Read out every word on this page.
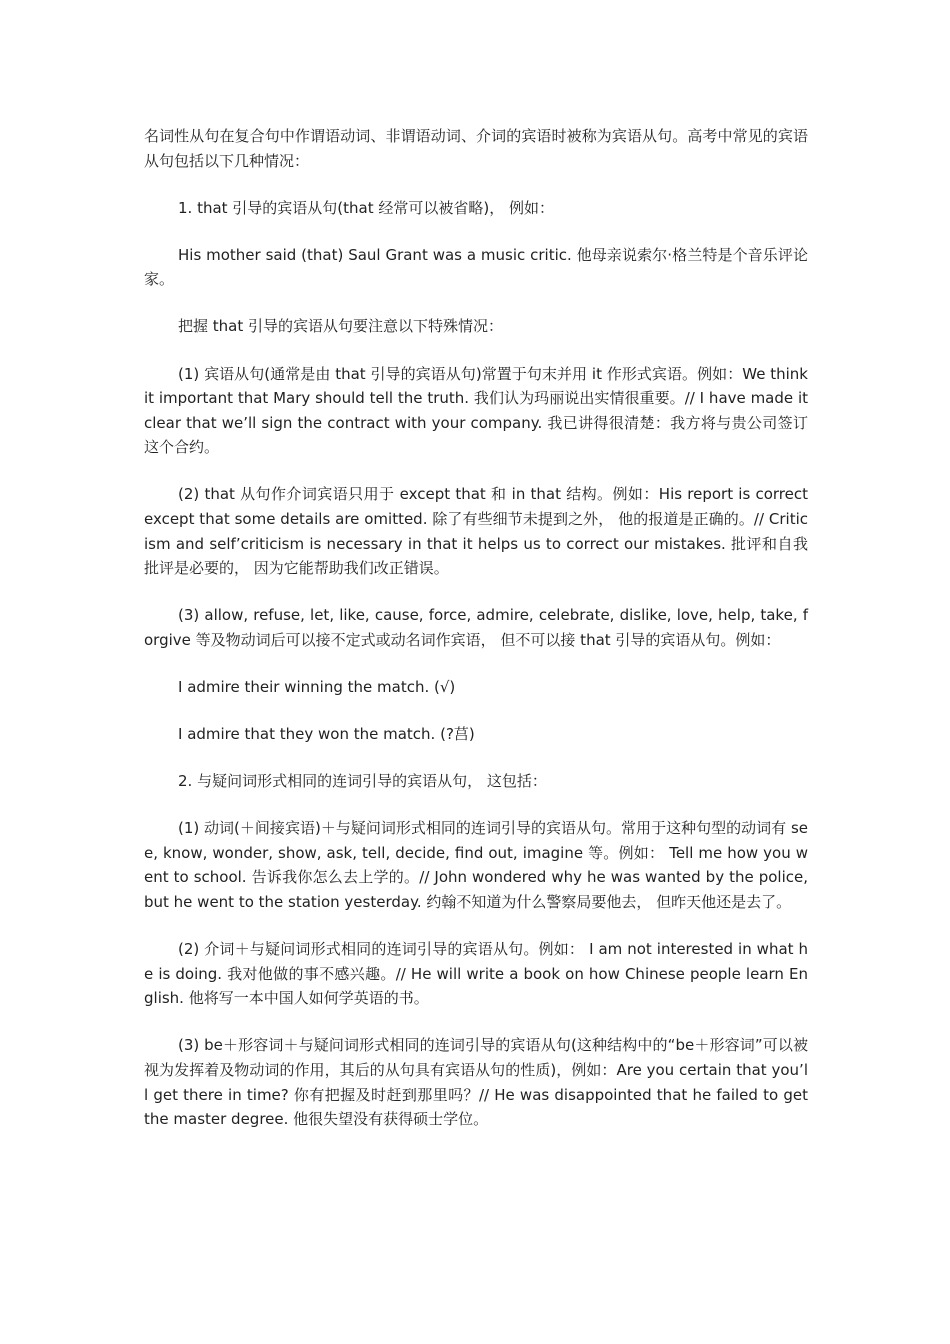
名词性从句在复合句中作谓语动词、非谓语动词、介词的宾语时被称为宾语从句。高考中常见的宾语从句包括以下几种情况：

1. that 引导的宾语从句(that 经常可以被省略)， 例如：

His mother said (that) Saul Grant was a music critic. 他母亲说索尔·格兰特是个音乐评论家。

把握 that 引导的宾语从句要注意以下特殊情况：

(1) 宾语从句(通常是由 that 引导的宾语从句)常置于句末并用 it 作形式宾语。例如：We think it important that Mary should tell the truth. 我们认为玛丽说出实情很重要。// I have made it clear that we’ll sign the contract with your company. 我已讲得很清楚：我方将与贵公司签订这个合约。

(2) that 从句作介词宾语只用于 except that 和 in that 结构。例如：His report is correct except that some details are omitted. 除了有些细节未提到之外， 他的报道是正确的。// Criticism and self’criticism is necessary in that it helps us to correct our mistakes. 批评和自我批评是必要的， 因为它能帮助我们改正错误。

(3) allow, refuse, let, like, cause, force, admire, celebrate, dislike, love, help, take, forgive 等及物动词后可以接不定式或动名词作宾语， 但不可以接 that 引导的宾语从句。例如：

I admire their winning the match. (√)

I admire that they won the match. (?莒)

2. 与疑问词形式相同的连词引导的宾语从句， 这包括：

(1) 动词(＋间接宾语)＋与疑问词形式相同的连词引导的宾语从句。常用于这种句型的动词有 see, know, wonder, show, ask, tell, decide, find out, imagine 等。例如： Tell me how you went to school. 告诉我你怎么去上学的。// John wondered why he was wanted by the police, but he went to the station yesterday. 约翰不知道为什么警察局要他去， 但昨天他还是去了。

(2) 介词＋与疑问词形式相同的连词引导的宾语从句。例如： I am not interested in what he is doing. 我对他做的事不感兴趣。// He will write a book on how Chinese people learn English. 他将写一本中国人如何学英语的书。

(3) be＋形容词＋与疑问词形式相同的连词引导的宾语从句(这种结构中的“be＋形容词”可以被视为发挥着及物动词的作用，其后的从句具有宾语从句的性质)，例如：Are you certain that you’ll get there in time? 你有把握及时赶到那里吗？// He was disappointed that he failed to get the master degree. 他很失望没有获得硕士学位。
